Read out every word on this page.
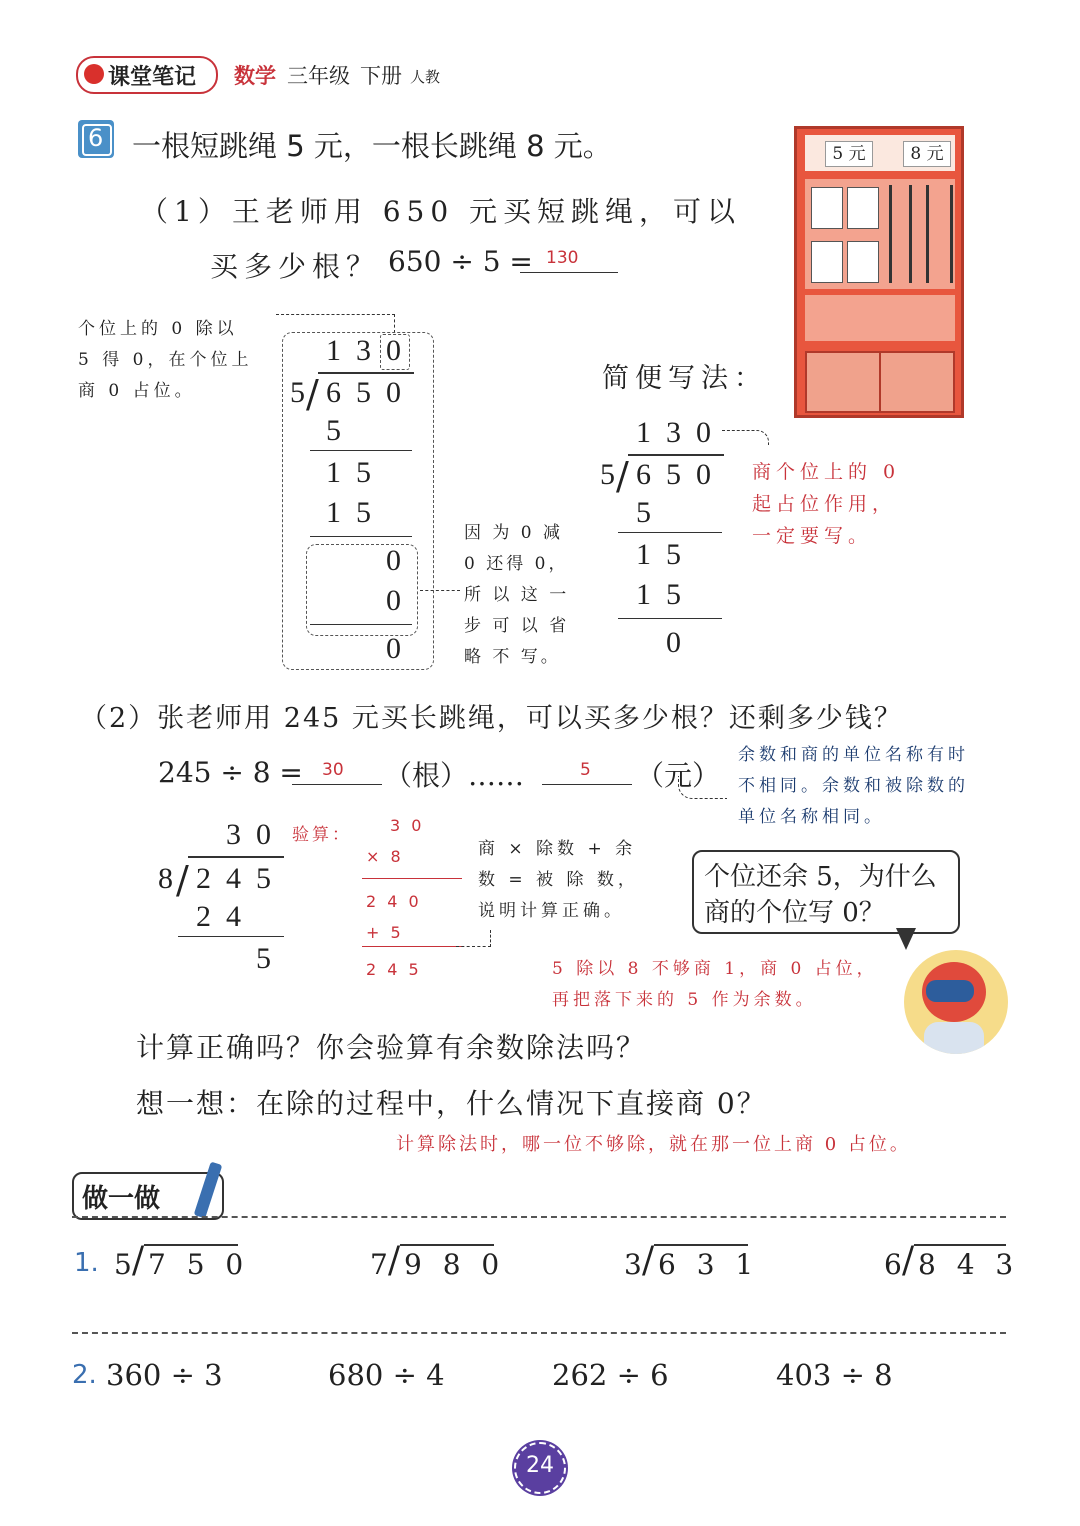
课堂笔记 数学 三年级 下册 人教
6 一根短跳绳 5 元，一根长跳绳 8 元。	5 元	8 元
（1）王老师用 650 元买短跳绳，可以
买多少根？ 650 ÷ 5 = 130
个位上的 0 除以
5 得 0，在个位上
商 0 占位。
1 3 0
5 / 6 5 0
5
1 5
1 5
0
0
0
因 为 0 减
0 还得 0，
所 以 这 一
步 可 以 省
略 不 写。
简便写法：
1 3 0
5 / 6 5 0
5
1 5
1 5
0
商个位上的 0
起占位作用，
一定要写。
（2）张老师用 245 元买长跳绳，可以买多少根？还剩多少钱？
245 ÷ 8 = 30 （根）……	5 （元）
余数和商的单位名称有时
不相同。余数和被除数的
单位名称相同。
3 0
8 / 2 4 5
2 4
5
验算：	3 0
× 8
2 4 0
+ 5
2 4 5
商 × 除数 + 余
数 = 被 除 数，
说明计算正确。
个位还余 5，为什么
商的个位写 0？
5 除以 8 不够商 1，商 0 占位，
再把落下来的 5 作为余数。
计算正确吗？你会验算有余数除法吗？
想一想：在除的过程中，什么情况下直接商 0？
计算除法时，哪一位不够除，就在那一位上商 0 占位。
做一做
1. 5 / 7 5 0	7 / 9 8 0	3 / 6 3 1	6 / 8 4 3
2. 360 ÷ 3	680 ÷ 4	262 ÷ 6	403 ÷ 8
24
